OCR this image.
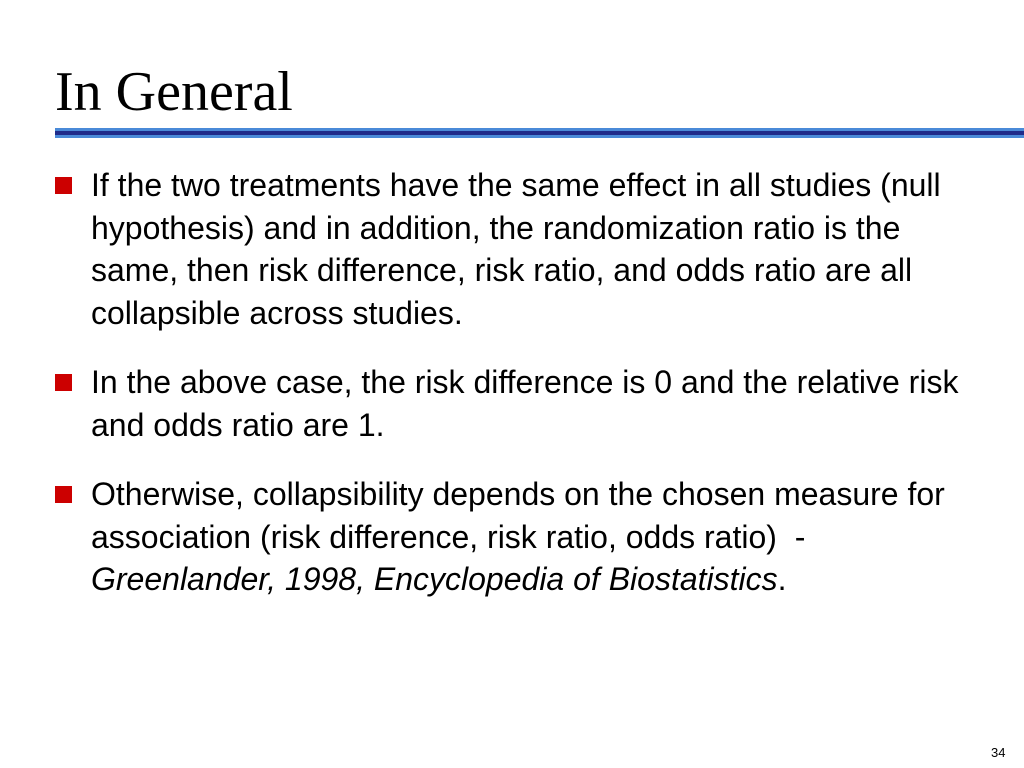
In General
If the two treatments have the same effect in all studies (null hypothesis) and in addition, the randomization ratio is the same, then risk difference, risk ratio, and odds ratio are all collapsible across studies.
In the above case, the risk difference is 0 and the relative risk and odds ratio are 1.
Otherwise, collapsibility depends on the chosen measure for association (risk difference, risk ratio, odds ratio)  - Greenlander, 1998, Encyclopedia of Biostatistics.
34
